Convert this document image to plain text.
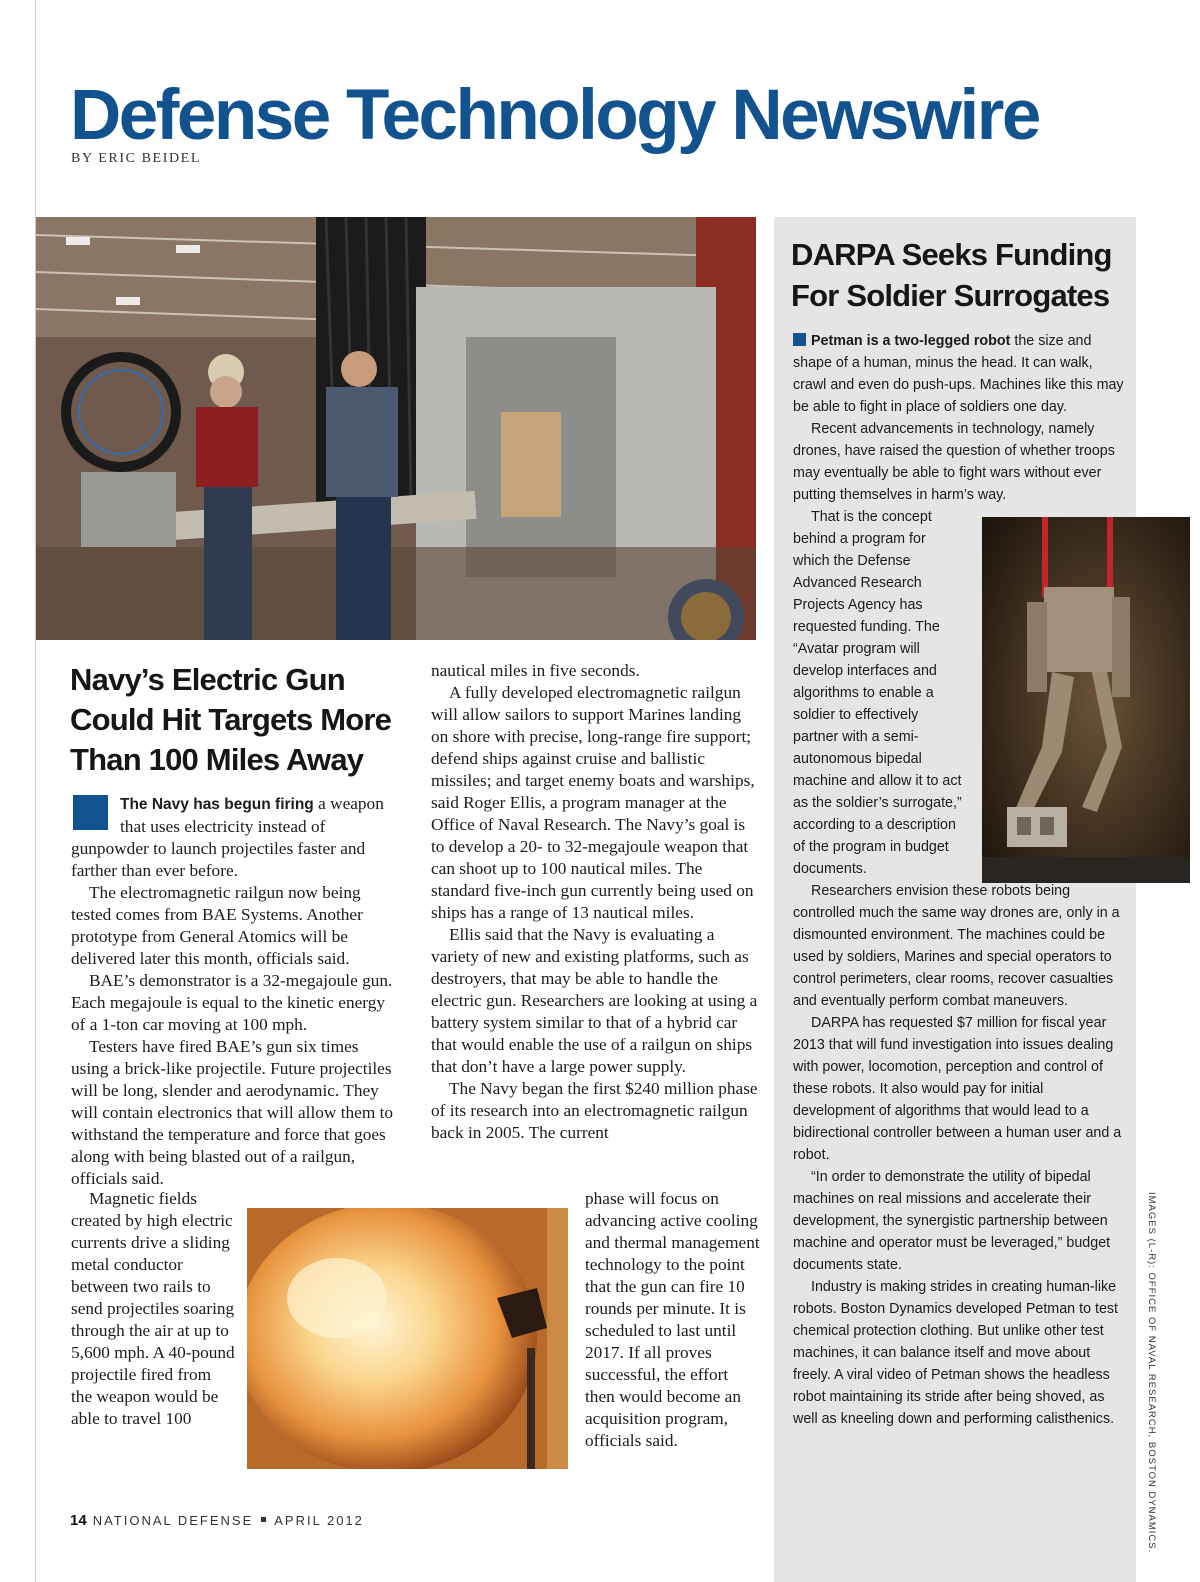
Defense Technology Newswire
BY ERIC BEIDEL
Navy’s Electric Gun
Could Hit Targets More
Than 100 Miles Away

The Navy has begun firing a weapon that uses electricity instead of gunpowder to launch projectiles faster and farther than ever before.

The electromagnetic railgun now being tested comes from BAE Systems. Another prototype from General Atomics will be delivered later this month, officials said.

BAE’s demonstrator is a 32-megajoule gun. Each megajoule is equal to the kinetic energy of a 1-ton car moving at 100 mph.

Testers have fired BAE’s gun six times using a brick-like projectile. Future projectiles will be long, slender and aerodynamic. They will contain electronics that will allow them to withstand the temperature and force that goes along with being blasted out of a railgun, officials said.

Magnetic fields created by high electric currents drive a sliding metal conductor between two rails to send projectiles soaring through the air at up to 5,600 mph. A 40-pound projectile fired from the weapon would be able to travel 100

nautical miles in five seconds.

A fully developed electromagnetic railgun will allow sailors to support Marines landing on shore with precise, long-range fire support; defend ships against cruise and ballistic missiles; and target enemy boats and warships, said Roger Ellis, a program manager at the Office of Naval Research. The Navy’s goal is to develop a 20- to 32-megajoule weapon that can shoot up to 100 nautical miles. The standard five-inch gun currently being used on ships has a range of 13 nautical miles.

Ellis said that the Navy is evaluating a variety of new and existing platforms, such as destroyers, that may be able to handle the electric gun. Researchers are looking at using a battery system similar to that of a hybrid car that would enable the use of a railgun on ships that don’t have a large power supply.

The Navy began the first $240 million phase of its research into an electromagnetic railgun back in 2005. The current

phase will focus on advancing active cooling and thermal management technology to the point that the gun can fire 10 rounds per minute. It is scheduled to last until 2017. If all proves successful, the effort then would become an acquisition program, officials said.

DARPA Seeks Funding
For Soldier Surrogates

Petman is a two-legged robot the size and shape of a human, minus the head. It can walk, crawl and even do push-ups. Machines like this may be able to fight in place of soldiers one day.

Recent advancements in technology, namely drones, have raised the question of whether troops may eventually be able to fight wars without ever putting themselves in harm’s way.

That is the concept behind a program for which the Defense Advanced Research Projects Agency has requested funding. The “Avatar program will develop interfaces and algorithms to enable a soldier to effectively partner with a semi-autonomous bipedal machine and allow it to act as the soldier’s surrogate,” according to a description of the program in budget documents.

Researchers envision these robots being controlled much the same way drones are, only in a dismounted environment. The machines could be used by soldiers, Marines and special operators to control perimeters, clear rooms, recover casualties and eventually perform combat maneuvers.

DARPA has requested $7 million for fiscal year 2013 that will fund investigation into issues dealing with power, locomotion, perception and control of these robots. It also would pay for initial development of algorithms that would lead to a bidirectional controller between a human user and a robot.

“In order to demonstrate the utility of bipedal machines on real missions and accelerate their development, the synergistic partnership between machine and operator must be leveraged,” budget documents state.

Industry is making strides in creating human-like robots. Boston Dynamics developed Petman to test chemical protection clothing. But unlike other test machines, it can balance itself and move about freely. A viral video of Petman shows the headless robot maintaining its stride after being shoved, as well as kneeling down and performing calisthenics.	IMAGES (L-R): OFFICE OF NAVAL RESEARCH, BOSTON DYNAMICS.
14 NATIONAL DEFENSE APRIL 2012
